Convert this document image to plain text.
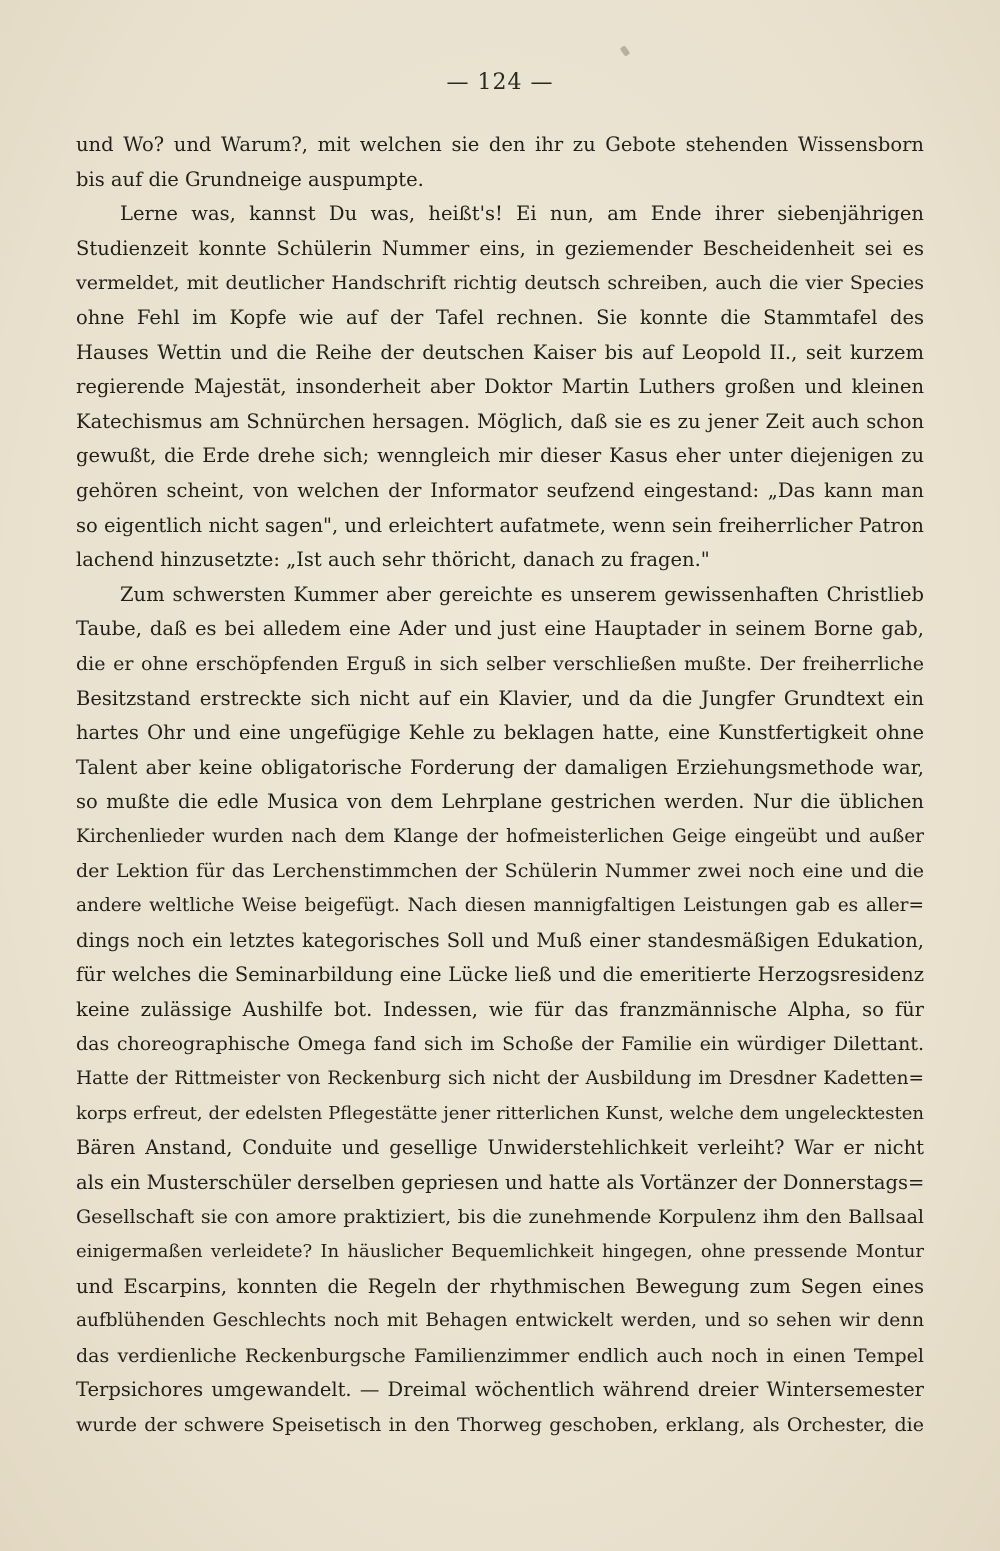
— 124 —
und Wo? und Warum?, mit welchen sie den ihr zu Gebote stehenden Wissensborn
bis auf die Grundneige auspumpte.
Lerne was, kannst Du was, heißt's! Ei nun, am Ende ihrer siebenjährigen
Studienzeit konnte Schülerin Nummer eins, in geziemender Bescheidenheit sei es
vermeldet, mit deutlicher Handschrift richtig deutsch schreiben, auch die vier Species
ohne Fehl im Kopfe wie auf der Tafel rechnen. Sie konnte die Stammtafel des
Hauses Wettin und die Reihe der deutschen Kaiser bis auf Leopold II., seit kurzem
regierende Majestät, insonderheit aber Doktor Martin Luthers großen und kleinen
Katechismus am Schnürchen hersagen. Möglich, daß sie es zu jener Zeit auch schon
gewußt, die Erde drehe sich; wenngleich mir dieser Kasus eher unter diejenigen zu
gehören scheint, von welchen der Informator seufzend eingestand: „Das kann man
so eigentlich nicht sagen", und erleichtert aufatmete, wenn sein freiherrlicher Patron
lachend hinzusetzte: „Ist auch sehr thöricht, danach zu fragen."
Zum schwersten Kummer aber gereichte es unserem gewissenhaften Christlieb
Taube, daß es bei alledem eine Ader und just eine Hauptader in seinem Borne gab,
die er ohne erschöpfenden Erguß in sich selber verschließen mußte. Der freiherrliche
Besitzstand erstreckte sich nicht auf ein Klavier, und da die Jungfer Grundtext ein
hartes Ohr und eine ungefügige Kehle zu beklagen hatte, eine Kunstfertigkeit ohne
Talent aber keine obligatorische Forderung der damaligen Erziehungsmethode war,
so mußte die edle Musica von dem Lehrplane gestrichen werden. Nur die üblichen
Kirchenlieder wurden nach dem Klange der hofmeisterlichen Geige eingeübt und außer
der Lektion für das Lerchenstimmchen der Schülerin Nummer zwei noch eine und die
andere weltliche Weise beigefügt. Nach diesen mannigfaltigen Leistungen gab es aller=
dings noch ein letztes kategorisches Soll und Muß einer standesmäßigen Edukation,
für welches die Seminarbildung eine Lücke ließ und die emeritierte Herzogsresidenz
keine zulässige Aushilfe bot. Indessen, wie für das franzmännische Alpha, so für
das choreographische Omega fand sich im Schoße der Familie ein würdiger Dilettant.
Hatte der Rittmeister von Reckenburg sich nicht der Ausbildung im Dresdner Kadetten=
korps erfreut, der edelsten Pflegestätte jener ritterlichen Kunst, welche dem ungelecktesten
Bären Anstand, Conduite und gesellige Unwiderstehlichkeit verleiht? War er nicht
als ein Musterschüler derselben gepriesen und hatte als Vortänzer der Donnerstags=
Gesellschaft sie con amore praktiziert, bis die zunehmende Korpulenz ihm den Ballsaal
einigermaßen verleidete? In häuslicher Bequemlichkeit hingegen, ohne pressende Montur
und Escarpins, konnten die Regeln der rhythmischen Bewegung zum Segen eines
aufblühenden Geschlechts noch mit Behagen entwickelt werden, und so sehen wir denn
das verdienliche Reckenburgsche Familienzimmer endlich auch noch in einen Tempel
Terpsichores umgewandelt. — Dreimal wöchentlich während dreier Wintersemester
wurde der schwere Speisetisch in den Thorweg geschoben, erklang, als Orchester, die
